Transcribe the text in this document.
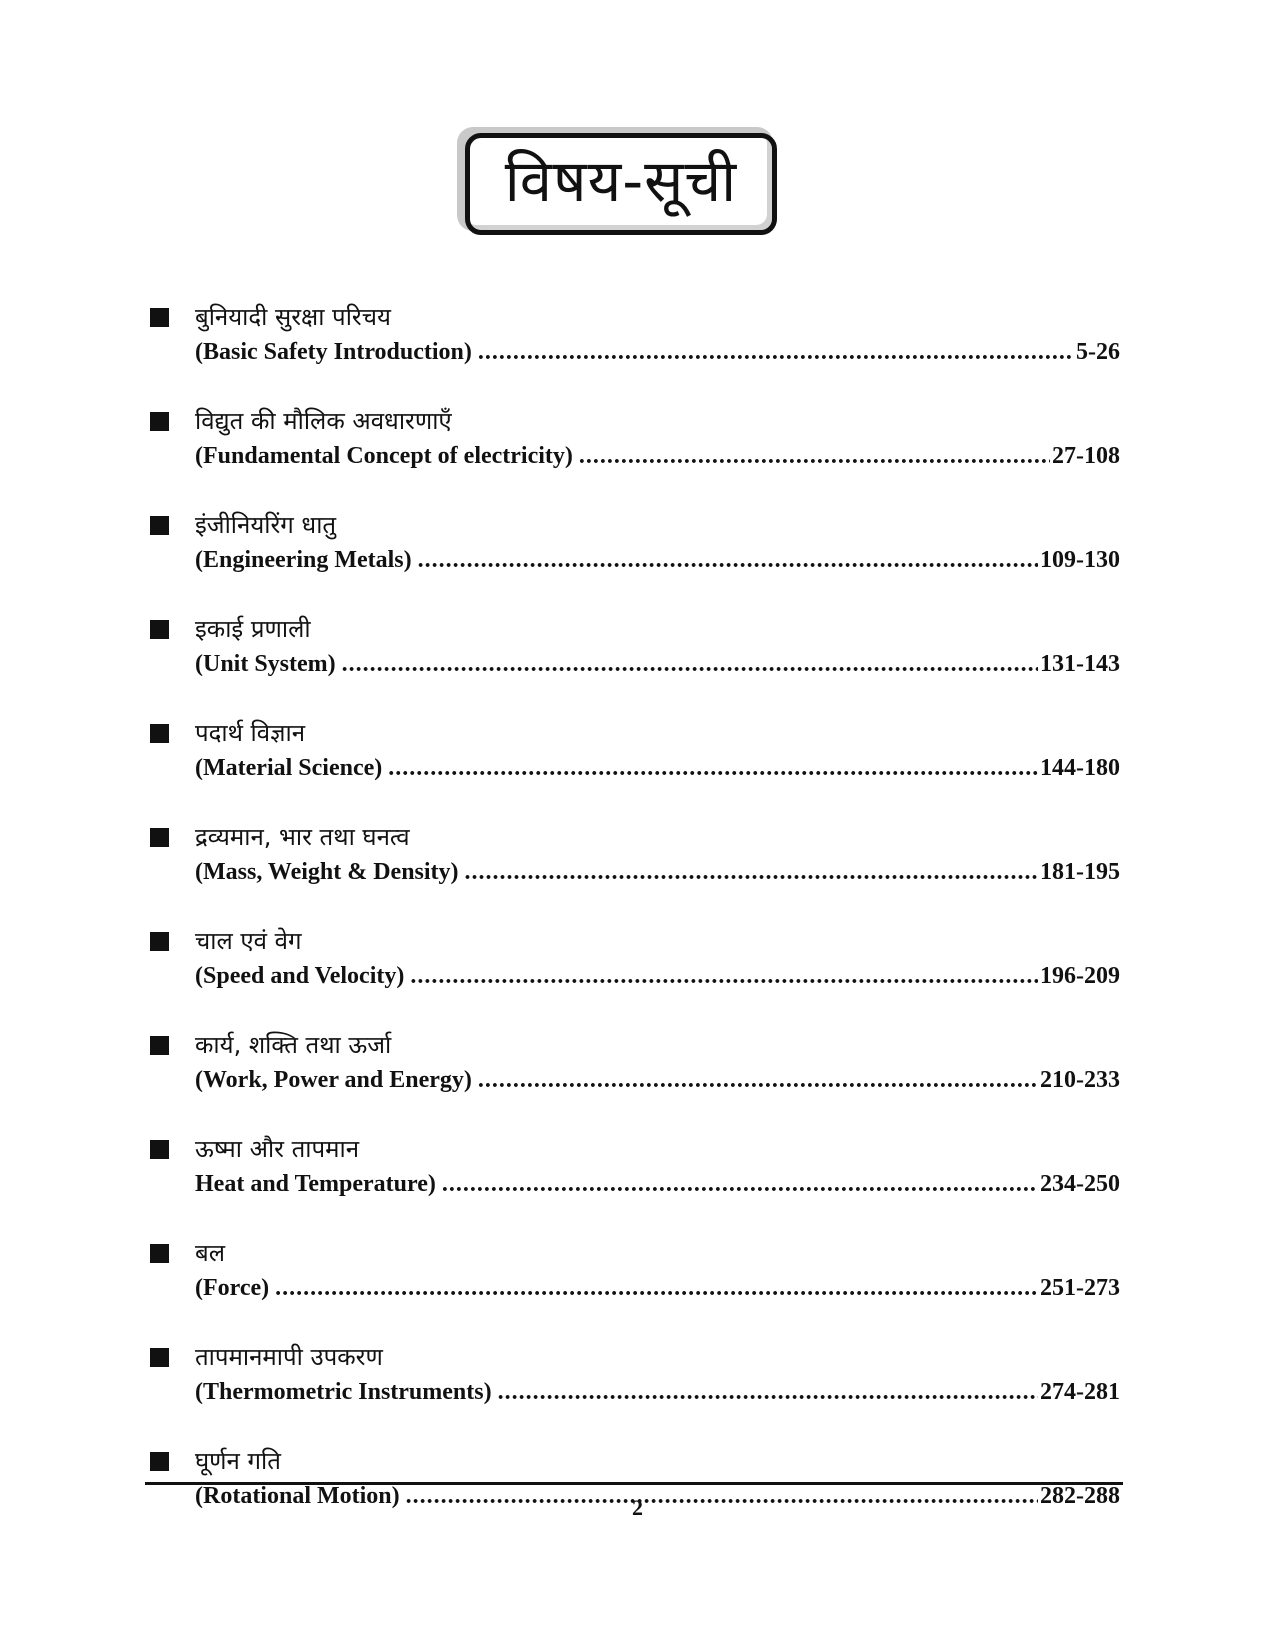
विषय-सूची
बुनियादी सुरक्षा परिचय
(Basic Safety Introduction) .....	5-26
विद्युत की मौलिक अवधारणाएँ
(Fundamental Concept of electricity) .....	27-108
इंजीनियरिंग धातु
(Engineering Metals) .....	109-130
इकाई प्रणाली
(Unit System) .....	131-143
पदार्थ विज्ञान
(Material Science) .....	144-180
द्रव्यमान, भार तथा घनत्व
(Mass, Weight & Density) .....	181-195
चाल एवं वेग
(Speed and Velocity) .....	196-209
कार्य, शक्ति तथा ऊर्जा
(Work, Power and Energy) .....	210-233
ऊष्मा और तापमान
Heat and Temperature) .....	234-250
बल
(Force) .....	251-273
तापमानमापी उपकरण
(Thermometric Instruments) .....	274-281
घूर्णन गति
(Rotational Motion) .....	282-288
2
